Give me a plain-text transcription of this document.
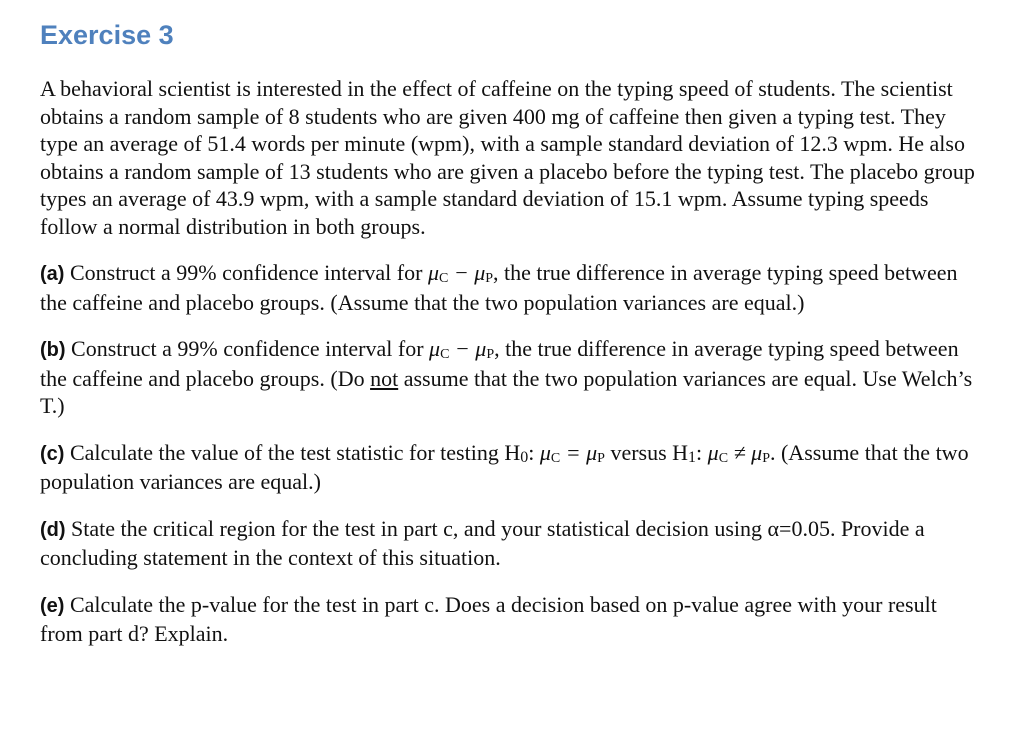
Exercise 3

A behavioral scientist is interested in the effect of caffeine on the typing speed of students. The scientist obtains a random sample of 8 students who are given 400 mg of caffeine then given a typing test. They type an average of 51.4 words per minute (wpm), with a sample standard deviation of 12.3 wpm. He also obtains a random sample of 13 students who are given a placebo before the typing test. The placebo group types an average of 43.9 wpm, with a sample standard deviation of 15.1 wpm. Assume typing speeds follow a normal distribution in both groups.

(a) Construct a 99% confidence interval for $\mu_C - \mu_P$, the true difference in average typing speed between the caffeine and placebo groups. (Assume that the two population variances are equal.)

(b) Construct a 99% confidence interval for $\mu_C - \mu_P$, the true difference in average typing speed between the caffeine and placebo groups. (Do not assume that the two population variances are equal. Use Welch’s T.)

(c) Calculate the value of the test statistic for testing $H_0$: $\mu_C = \mu_P$ versus $H_1$: $\mu_C \ne \mu_P$. (Assume that the two population variances are equal.)

(d) State the critical region for the test in part c, and your statistical decision using α=0.05. Provide a concluding statement in the context of this situation.

(e) Calculate the p-value for the test in part c. Does a decision based on p-value agree with your result from part d? Explain.
